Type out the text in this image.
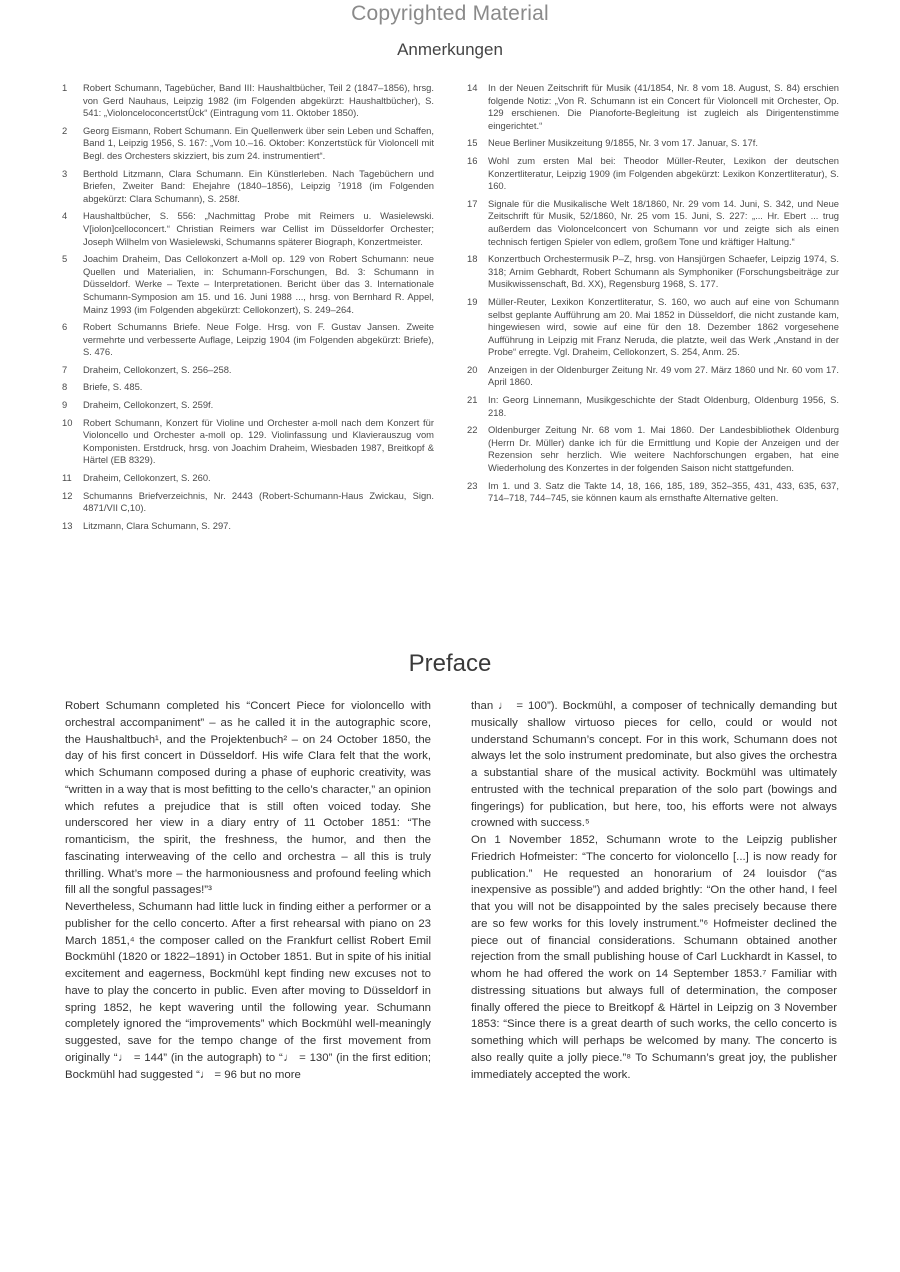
Copyrighted Material
Anmerkungen
1	Robert Schumann, Tagebücher, Band III: Haushaltbücher, Teil 2 (1847–1856), hrsg. von Gerd Nauhaus, Leipzig 1982 (im Folgenden abgekürzt: Haushaltbücher), S. 541: „ViolonceloconcertstÜck“ (Eintragung vom 11. Oktober 1850).
2	Georg Eismann, Robert Schumann. Ein Quellenwerk über sein Leben und Schaffen, Band 1, Leipzig 1956, S. 167: „Vom 10.–16. Oktober: Konzertstück für Violoncell mit Begl. des Orchesters skizziert, bis zum 24. instrumentiert“.
3	Berthold Litzmann, Clara Schumann. Ein Künstlerleben. Nach Tagebüchern und Briefen, Zweiter Band: Ehejahre (1840–1856), Leipzig ⁷1918 (im Folgenden abgekürzt: Clara Schumann), S. 258f.
4	Haushaltbücher, S. 556: „Nachmittag Probe mit Reimers u. Wasielewski. V[iolon]celloconcert.“ Christian Reimers war Cellist im Düsseldorfer Orchester; Joseph Wilhelm von Wasielewski, Schumanns späterer Biograph, Konzertmeister.
5	Joachim Draheim, Das Cellokonzert a-Moll op. 129 von Robert Schumann: neue Quellen und Materialien, in: Schumann-Forschungen, Bd. 3: Schumann in Düsseldorf. Werke – Texte – Interpretationen. Bericht über das 3. Internationale Schumann-Symposion am 15. und 16. Juni 1988 ..., hrsg. von Bernhard R. Appel, Mainz 1993 (im Folgenden abgekürzt: Cellokonzert), S. 249–264.
6	Robert Schumanns Briefe. Neue Folge. Hrsg. von F. Gustav Jansen. Zweite vermehrte und verbesserte Auflage, Leipzig 1904 (im Folgenden abgekürzt: Briefe), S. 476.
7	Draheim, Cellokonzert, S. 256–258.
8	Briefe, S. 485.
9	Draheim, Cellokonzert, S. 259f.
10	Robert Schumann, Konzert für Violine und Orchester a-moll nach dem Konzert für Violoncello und Orchester a-moll op. 129. Violinfassung und Klavierauszug vom Komponisten. Erstdruck, hrsg. von Joachim Draheim, Wiesbaden 1987, Breitkopf & Härtel (EB 8329).
11	Draheim, Cellokonzert, S. 260.
12	Schumanns Briefverzeichnis, Nr. 2443 (Robert-Schumann-Haus Zwickau, Sign. 4871/VII C,10).
13	Litzmann, Clara Schumann, S. 297.
14	In der Neuen Zeitschrift für Musik (41/1854, Nr. 8 vom 18. August, S. 84) erschien folgende Notiz: „Von R. Schumann ist ein Concert für Violoncell mit Orchester, Op. 129 erschienen. Die Pianoforte-Begleitung ist zugleich als Dirigentenstimme eingerichtet.“
15	Neue Berliner Musikzeitung 9/1855, Nr. 3 vom 17. Januar, S. 17f.
16	Wohl zum ersten Mal bei: Theodor Müller-Reuter, Lexikon der deutschen Konzertliteratur, Leipzig 1909 (im Folgenden abgekürzt: Lexikon Konzertliteratur), S. 160.
17	Signale für die Musikalische Welt 18/1860, Nr. 29 vom 14. Juni, S. 342, und Neue Zeitschrift für Musik, 52/1860, Nr. 25 vom 15. Juni, S. 227: „... Hr. Ebert ... trug außerdem das Violoncelconcert von Schumann vor und zeigte sich als einen technisch fertigen Spieler von edlem, großem Tone und kräftiger Haltung.“
18	Konzertbuch Orchestermusik P–Z, hrsg. von Hansjürgen Schaefer, Leipzig 1974, S. 318; Arnim Gebhardt, Robert Schumann als Symphoniker (Forschungsbeiträge zur Musikwissenschaft, Bd. XX), Regensburg 1968, S. 177.
19	Müller-Reuter, Lexikon Konzertliteratur, S. 160, wo auch auf eine von Schumann selbst geplante Aufführung am 20. Mai 1852 in Düsseldorf, die nicht zustande kam, hingewiesen wird, sowie auf eine für den 18. Dezember 1862 vorgesehene Aufführung in Leipzig mit Franz Neruda, die platzte, weil das Werk „Anstand in der Probe“ erregte. Vgl. Draheim, Cellokonzert, S. 254, Anm. 25.
20	Anzeigen in der Oldenburger Zeitung Nr. 49 vom 27. März 1860 und Nr. 60 vom 17. April 1860.
21	In: Georg Linnemann, Musikgeschichte der Stadt Oldenburg, Oldenburg 1956, S. 218.
22	Oldenburger Zeitung Nr. 68 vom 1. Mai 1860. Der Landesbibliothek Oldenburg (Herrn Dr. Müller) danke ich für die Ermittlung und Kopie der Anzeigen und der Rezension sehr herzlich. Wie weitere Nachforschungen ergaben, hat eine Wiederholung des Konzertes in der folgenden Saison nicht stattgefunden.
23	Im 1. und 3. Satz die Takte 14, 18, 166, 185, 189, 352–355, 431, 433, 635, 637, 714–718, 744–745, sie können kaum als ernsthafte Alternative gelten.
Preface

Robert Schumann completed his “Concert Piece for violoncello with orchestral accompaniment” – as he called it in the autographic score, the Haushaltbuch¹, and the Projektenbuch² – on 24 October 1850, the day of his first concert in Düsseldorf. His wife Clara felt that the work, which Schumann composed during a phase of euphoric creativity, was “written in a way that is most befitting to the cello’s character,” an opinion which refutes a prejudice that is still often voiced today. She underscored her view in a diary entry of 11 October 1851: “The romanticism, the spirit, the freshness, the humor, and then the fascinating interweaving of the cello and orchestra – all this is truly thrilling. What’s more – the harmoniousness and profound feeling which fill all the songful passages!”³

Nevertheless, Schumann had little luck in finding either a performer or a publisher for the cello concerto. After a first rehearsal with piano on 23 March 1851,⁴ the composer called on the Frankfurt cellist Robert Emil Bockmühl (1820 or 1822–1891) in October 1851. But in spite of his initial excitement and eagerness, Bockmühl kept finding new excuses not to have to play the concerto in public. Even after moving to Düsseldorf in spring 1852, he kept wavering until the following year. Schumann completely ignored the “improvements” which Bockmühl well-meaningly suggested, save for the tempo change of the first movement from originally “♩ = 144” (in the autograph) to “♩ = 130” (in the first edition; Bockmühl had suggested “♩ = 96 but no more

than ♩ = 100”). Bockmühl, a composer of technically demanding but musically shallow virtuoso pieces for cello, could or would not understand Schumann’s concept. For in this work, Schumann does not always let the solo instrument predominate, but also gives the orchestra a substantial share of the musical activity. Bockmühl was ultimately entrusted with the technical preparation of the solo part (bowings and fingerings) for publication, but here, too, his efforts were not always crowned with success.⁵

On 1 November 1852, Schumann wrote to the Leipzig publisher Friedrich Hofmeister: “The concerto for violoncello [...] is now ready for publication.” He requested an honorarium of 24 louisdor (“as inexpensive as possible”) and added brightly: “On the other hand, I feel that you will not be disappointed by the sales precisely because there are so few works for this lovely instrument.”⁶ Hofmeister declined the piece out of financial considerations. Schumann obtained another rejection from the small publishing house of Carl Luckhardt in Kassel, to whom he had offered the work on 14 September 1853.⁷ Familiar with distressing situations but always full of determination, the composer finally offered the piece to Breitkopf & Härtel in Leipzig on 3 November 1853: “Since there is a great dearth of such works, the cello concerto is something which will perhaps be welcomed by many. The concerto is also really quite a jolly piece.”⁸ To Schumann’s great joy, the publisher immediately accepted the work.
